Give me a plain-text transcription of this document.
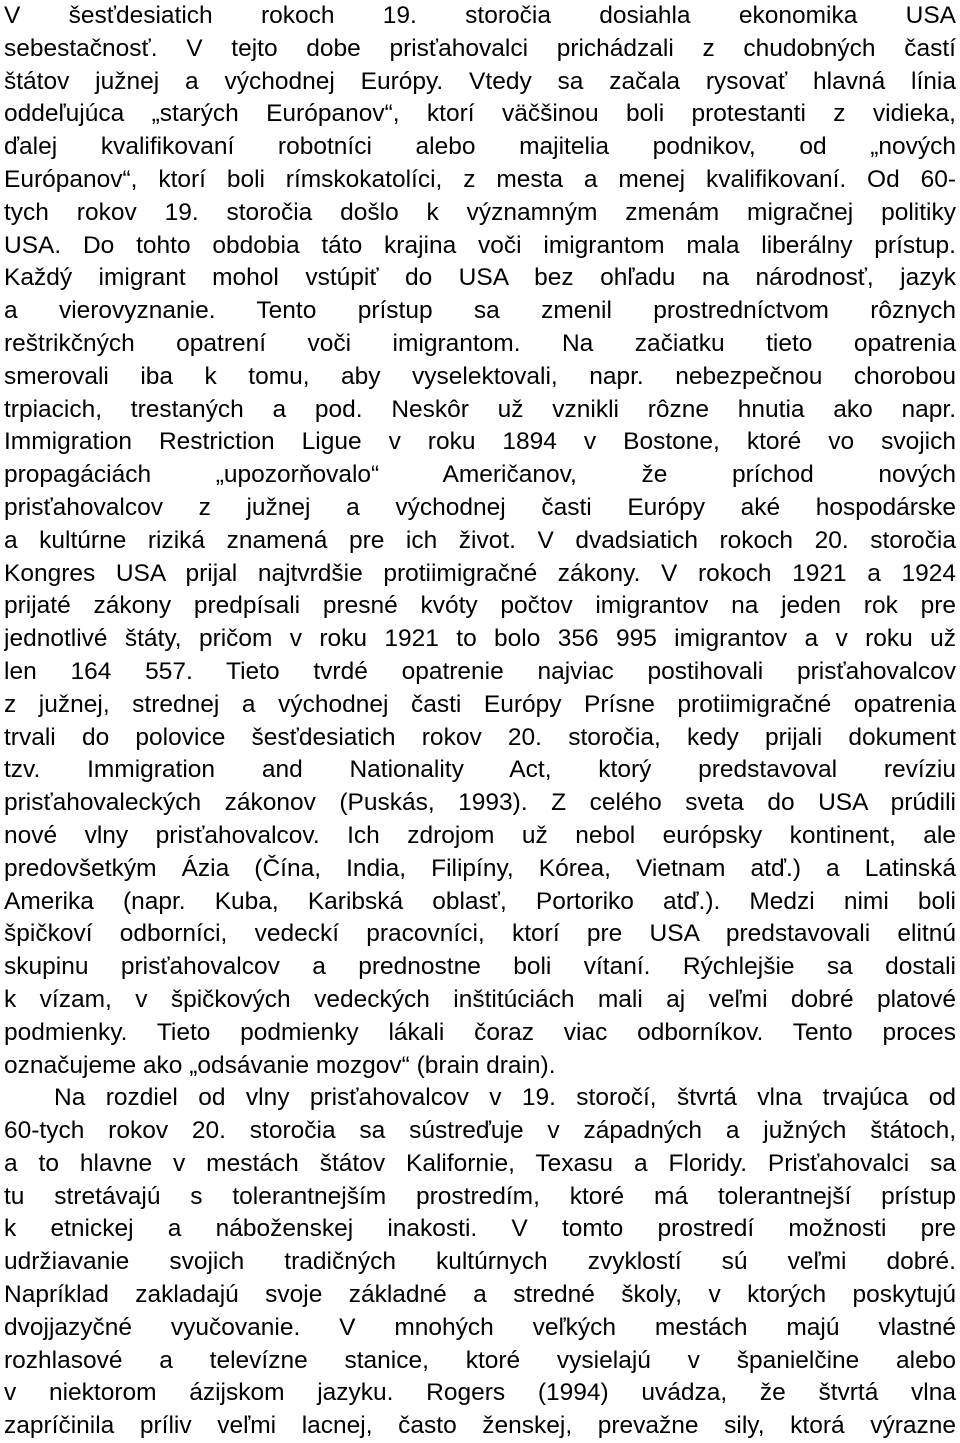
V šesťdesiatich rokoch 19. storočia dosiahla ekonomika USA
sebestačnosť. V tejto dobe prisťahovalci prichádzali z chudobných častí
štátov južnej a východnej Európy. Vtedy sa začala rysovať hlavná línia
oddeľujúca „starých Európanov“, ktorí väčšinou boli protestanti z vidieka,
ďalej kvalifikovaní robotníci alebo majitelia podnikov, od „nových
Európanov“, ktorí boli rímskokatolíci, z mesta a menej kvalifikovaní. Od 60-
tych rokov 19. storočia došlo k významným zmenám migračnej politiky
USA. Do tohto obdobia táto krajina voči imigrantom mala liberálny prístup.
Každý imigrant mohol vstúpiť do USA bez ohľadu na národnosť, jazyk
a vierovyznanie. Tento prístup sa zmenil prostredníctvom rôznych
reštrikčných opatrení voči imigrantom. Na začiatku tieto opatrenia
smerovali iba k tomu, aby vyselektovali, napr. nebezpečnou chorobou
trpiacich, trestaných a pod. Neskôr už vznikli rôzne hnutia ako napr.
Immigration Restriction Ligue v roku 1894 v Bostone, ktoré vo svojich
propagáciách „upozorňovalo“ Američanov, že príchod nových
prisťahovalcov z južnej a východnej časti Európy aké hospodárske
a kultúrne riziká znamená pre ich život. V dvadsiatich rokoch 20. storočia
Kongres USA prijal najtvrdšie protiimigračné zákony. V rokoch 1921 a 1924
prijaté zákony predpísali presné kvóty počtov imigrantov na jeden rok pre
jednotlivé štáty, pričom v roku 1921 to bolo 356 995 imigrantov a v roku už
len 164 557. Tieto tvrdé opatrenie najviac postihovali prisťahovalcov
z južnej, strednej a východnej časti Európy Prísne protiimigračné opatrenia
trvali do polovice šesťdesiatich rokov 20. storočia, kedy prijali dokument
tzv. Immigration and Nationality Act, ktorý predstavoval revíziu
prisťahovaleckých zákonov (Puskás, 1993). Z celého sveta do USA prúdili
nové vlny prisťahovalcov. Ich zdrojom už nebol európsky kontinent, ale
predovšetkým Ázia (Čína, India, Filipíny, Kórea, Vietnam atď.) a Latinská
Amerika (napr. Kuba, Karibská oblasť, Portoriko atď.). Medzi nimi boli
špičkoví odborníci, vedeckí pracovníci, ktorí pre USA predstavovali elitnú
skupinu prisťahovalcov a prednostne boli vítaní. Rýchlejšie sa dostali
k vízam, v špičkových vedeckých inštitúciách mali aj veľmi dobré platové
podmienky. Tieto podmienky lákali čoraz viac odborníkov. Tento proces
označujeme ako „odsávanie mozgov“ (brain drain).
Na rozdiel od vlny prisťahovalcov v 19. storočí, štvrtá vlna trvajúca od
60-tych rokov 20. storočia sa sústreďuje v západných a južných štátoch,
a to hlavne v mestách štátov Kalifornie, Texasu a Floridy. Prisťahovalci sa
tu stretávajú s tolerantnejším prostredím, ktoré má tolerantnejší prístup
k etnickej a náboženskej inakosti. V tomto prostredí možnosti pre
udržiavanie svojich tradičných kultúrnych zvyklostí sú veľmi dobré.
Napríklad zakladajú svoje základné a stredné školy, v ktorých poskytujú
dvojjazyčné vyučovanie. V mnohých veľkých mestách majú vlastné
rozhlasové a televízne stanice, ktoré vysielajú v španielčine alebo
v niektorom ázijskom jazyku. Rogers (1994) uvádza, že štvrtá vlna
zapríčinila príliv veľmi lacnej, často ženskej, prevažne sily, ktorá výrazne
